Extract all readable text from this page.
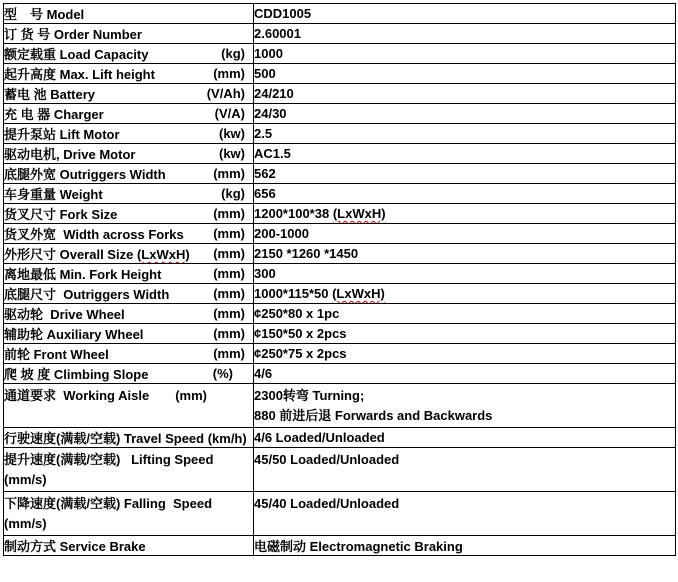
型　号 Model	CDD1005

订 货 号 Order Number	2.60001

额定载重 Load Capacity (kg)	1000

起升高度 Max. Lift height (mm)	500

蓄电 池 Battery (V/Ah)	24/210

充 电 器 Charger (V/A)	24/30

提升泵站 Lift Motor (kw)	2.5

驱动电机, Drive Motor (kw)	AC1.5

底腿外宽 Outriggers Width (mm)	562

车身重量 Weight (kg)	656

货叉尺寸 Fork Size (mm)	1200*100*38 (LxWxH)

货叉外宽  Width across Forks (mm)	200-1000

外形尺寸 Overall Size (LxWxH) (mm)	2150 *1260 *1450

离地最低 Min. Fork Height (mm)	300

底腿尺寸  Outriggers Width (mm)	1000*115*50 (LxWxH)

驱动轮  Drive Wheel (mm)	¢250*80 x 1pc

辅助轮 Auxiliary Wheel (mm)	¢150*50 x 2pcs

前轮 Front Wheel (mm)	¢250*75 x 2pcs

爬 坡 度 Climbing Slope (%)	4/6

通道要求  Working Aisle (mm)	2300转弯 Turning;
880 前进后退 Forwards and Backwards

行驶速度(满载/空载) Travel Speed (km/h)	4/6 Loaded/Unloaded

提升速度(满载/空载)   Lifting Speed
(mm/s)	45/50 Loaded/Unloaded

下降速度(满载/空载) Falling  Speed
(mm/s)	45/40 Loaded/Unloaded

制动方式 Service Brake	电磁制动 Electromagnetic Braking
